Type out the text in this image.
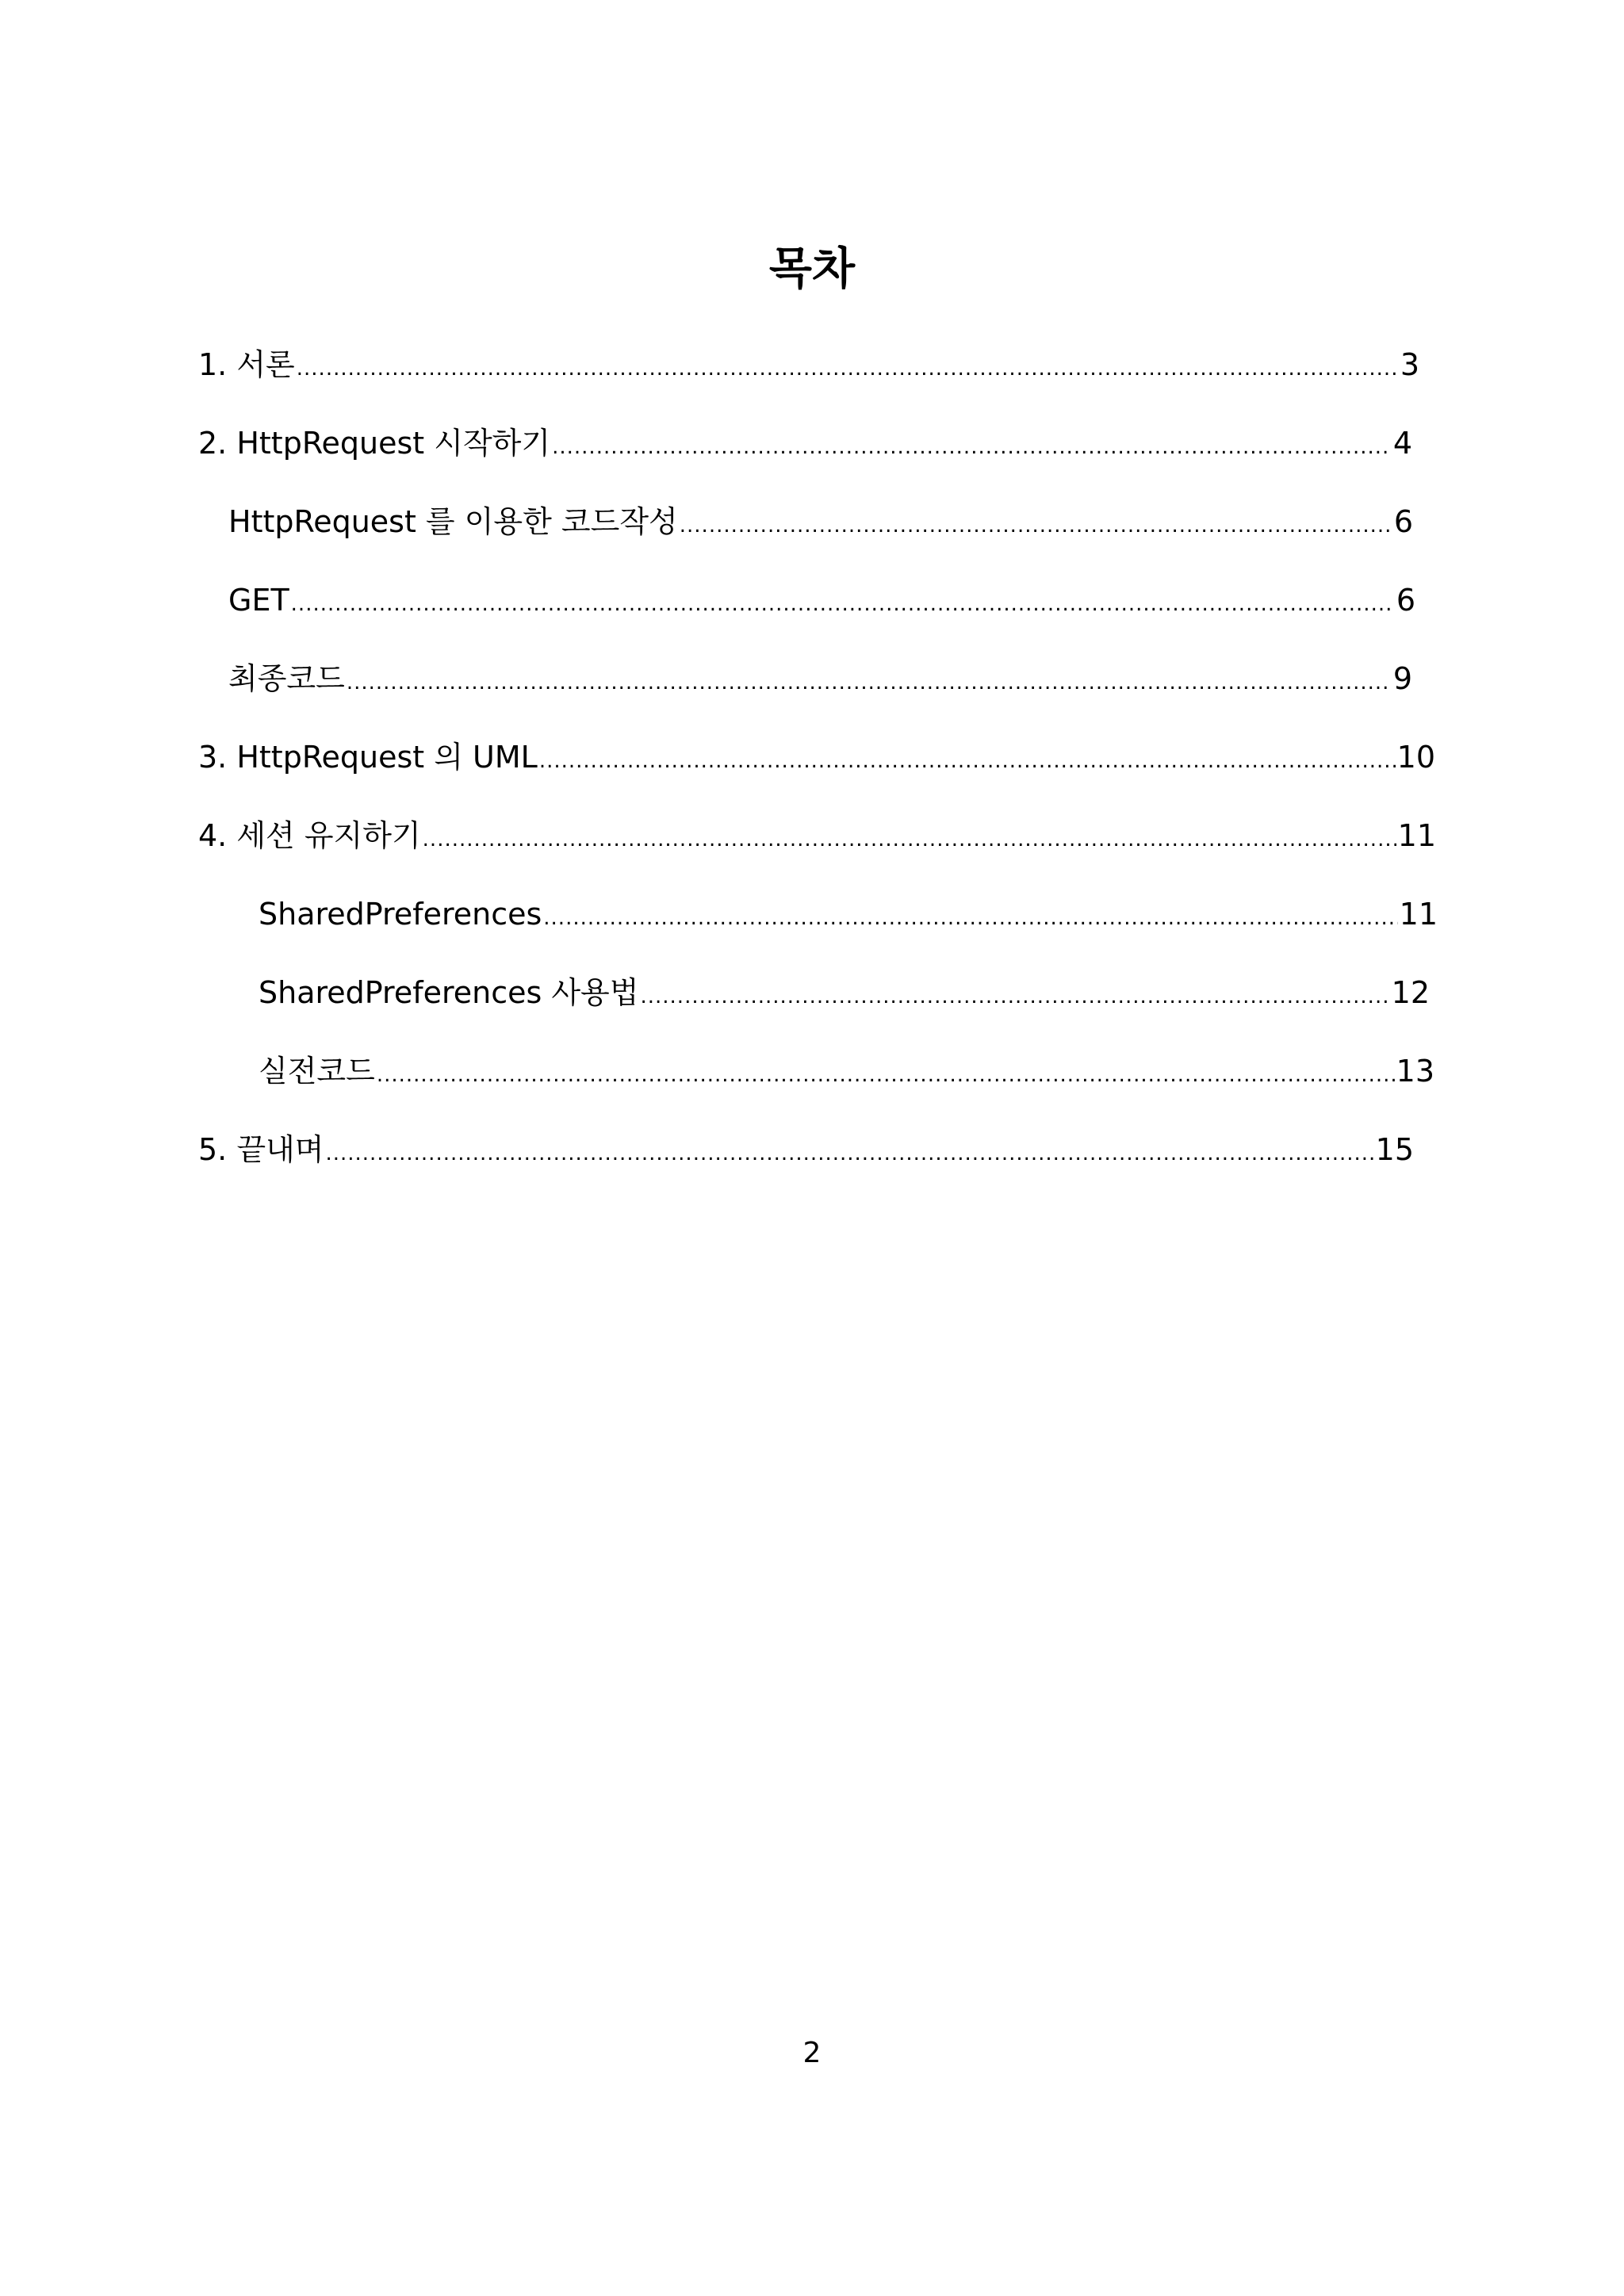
목차
1. 서론 .....	3
2. HttpRequest 시작하기 .....	4
HttpRequest 를 이용한 코드작성 .....	6
GET .....	6
최종코드 .....	9
3. HttpRequest 의 UML .....	10
4. 세션 유지하기 .....	11
SharedPreferences .....	11
SharedPreferences 사용법 .....	12
실전코드 .....	13
5. 끝내며 .....	15
2
